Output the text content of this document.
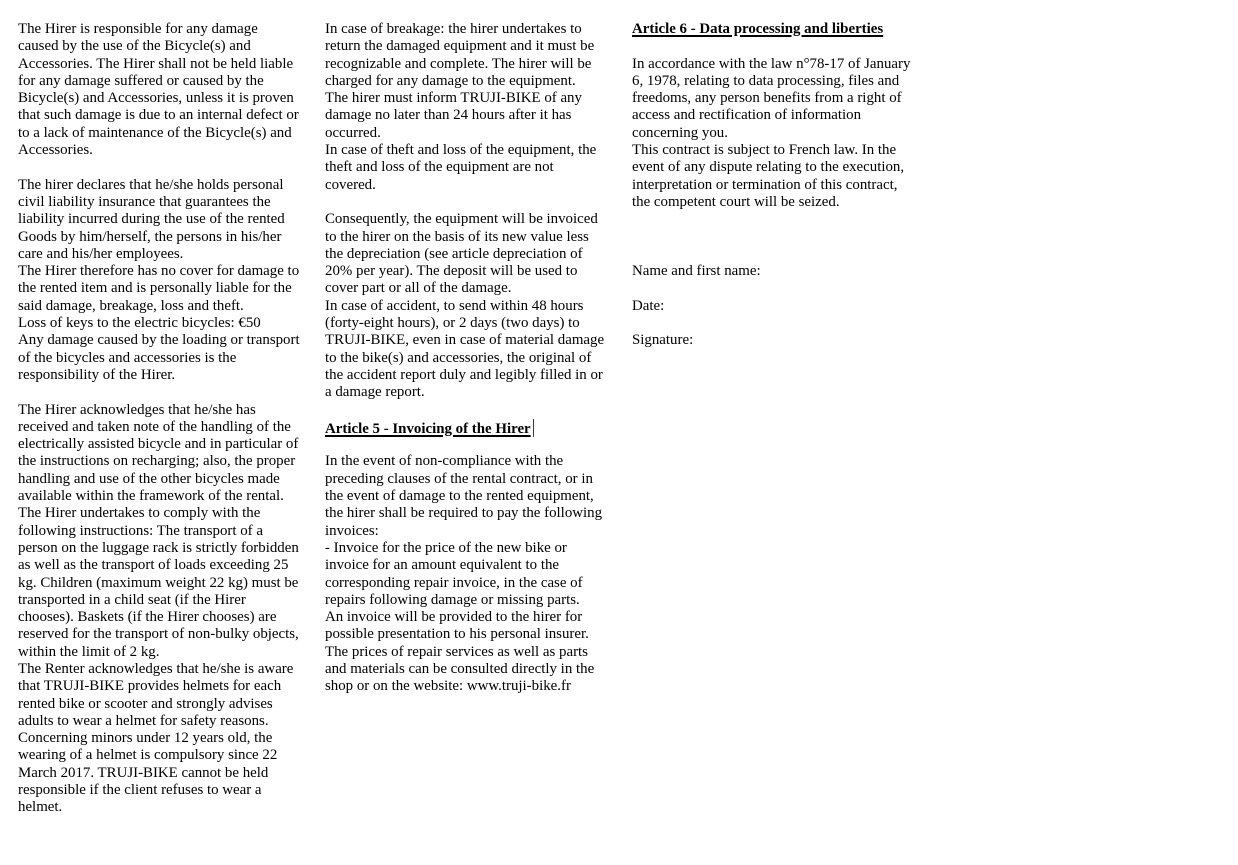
The Hirer is responsible for any damage
caused by the use of the Bicycle(s) and
Accessories. The Hirer shall not be held liable
for any damage suffered or caused by the
Bicycle(s) and Accessories, unless it is proven
that such damage is due to an internal defect or
to a lack of maintenance of the Bicycle(s) and
Accessories.
The hirer declares that he/she holds personal
civil liability insurance that guarantees the
liability incurred during the use of the rented
Goods by him/herself, the persons in his/her
care and his/her employees.
The Hirer therefore has no cover for damage to
the rented item and is personally liable for the
said damage, breakage, loss and theft.
Loss of keys to the electric bicycles: €50
Any damage caused by the loading or transport
of the bicycles and accessories is the
responsibility of the Hirer.
The Hirer acknowledges that he/she has
received and taken note of the handling of the
electrically assisted bicycle and in particular of
the instructions on recharging; also, the proper
handling and use of the other bicycles made
available within the framework of the rental.
The Hirer undertakes to comply with the
following instructions: The transport of a
person on the luggage rack is strictly forbidden
as well as the transport of loads exceeding 25
kg. Children (maximum weight 22 kg) must be
transported in a child seat (if the Hirer
chooses). Baskets (if the Hirer chooses) are
reserved for the transport of non-bulky objects,
within the limit of 2 kg.
The Renter acknowledges that he/she is aware
that TRUJI-BIKE provides helmets for each
rented bike or scooter and strongly advises
adults to wear a helmet for safety reasons.
Concerning minors under 12 years old, the
wearing of a helmet is compulsory since 22
March 2017. TRUJI-BIKE cannot be held
responsible if the client refuses to wear a
helmet.
In case of breakage: the hirer undertakes to
return the damaged equipment and it must be
recognizable and complete. The hirer will be
charged for any damage to the equipment.
The hirer must inform TRUJI-BIKE of any
damage no later than 24 hours after it has
occurred.
In case of theft and loss of the equipment, the
theft and loss of the equipment are not
covered.
Consequently, the equipment will be invoiced
to the hirer on the basis of its new value less
the depreciation (see article depreciation of
20% per year). The deposit will be used to
cover part or all of the damage.
In case of accident, to send within 48 hours
(forty-eight hours), or 2 days (two days) to
TRUJI-BIKE, even in case of material damage
to the bike(s) and accessories, the original of
the accident report duly and legibly filled in or
a damage report.
Article 5 - Invoicing of the Hirer
In the event of non-compliance with the
preceding clauses of the rental contract, or in
the event of damage to the rented equipment,
the hirer shall be required to pay the following
invoices:
- Invoice for the price of the new bike or
invoice for an amount equivalent to the
corresponding repair invoice, in the case of
repairs following damage or missing parts.
An invoice will be provided to the hirer for
possible presentation to his personal insurer.
The prices of repair services as well as parts
and materials can be consulted directly in the
shop or on the website: www.truji-bike.fr
Article 6 - Data processing and liberties
In accordance with the law n°78-17 of January
6, 1978, relating to data processing, files and
freedoms, any person benefits from a right of
access and rectification of information
concerning you.
This contract is subject to French law. In the
event of any dispute relating to the execution,
interpretation or termination of this contract,
the competent court will be seized.
Name and first name:
Date:
Signature:
